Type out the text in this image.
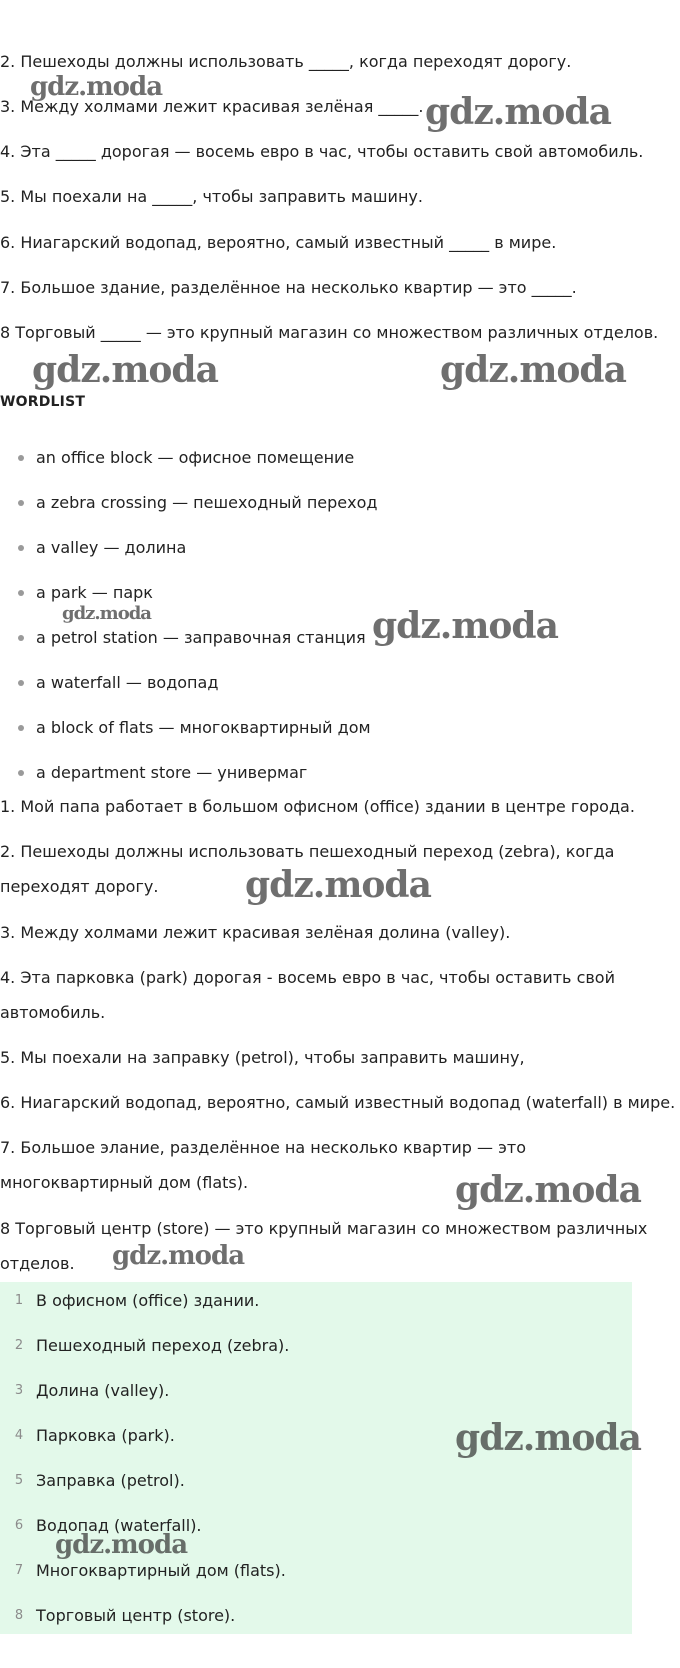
2. Пешеходы должны использовать _____, когда переходят дорогу.
3. Между холмами лежит красивая зелёная _____.
4. Эта _____ дорогая — восемь евро в час, чтобы оставить свой автомобиль.
5. Мы поехали на _____, чтобы заправить машину.
6. Ниагарский водопад, вероятно, самый известный _____ в мире.
7. Большое здание, разделённое на несколько квартир — это _____.
8 Торговый _____ — это крупный магазин со множеством различных отделов.
WORDLIST
an office block — офисное помещение
a zebra crossing — пешеходный переход
a valley — долина
a park — парк
a petrol station — заправочная станция
a waterfall — водопад
a block of flats — многоквартирный дом
a department store — универмаг
1. Мой папа работает в большом офисном (office) здании в центре города.
2. Пешеходы должны использовать пешеходный переход (zebra), когда
переходят дорогу.
3. Между холмами лежит красивая зелёная долина (valley).
4. Эта парковка (park) дорогая - восемь евро в час, чтобы оставить свой
автомобиль.
5. Мы поехали на заправку (petrol), чтобы заправить машину,
6. Ниагарский водопад, вероятно, самый известный водопад (waterfall) в мире.
7. Большое элание, разделённое на несколько квартир — это
многоквартирный дом (flats).
8 Торговый центр (store) — это крупный магазин со множеством различных
отделов.
1 В офисном (office) здании.
2 Пешеходный переход (zebra).
3 Долина (valley).
4 Парковка (park).
5 Заправка (petrol).
6 Водопад (waterfall).
7 Многоквартирный дом (flats).
8 Торговый центр (store).
gdz.moda
gdz.moda
gdz.moda	gdz.moda
gdz.moda	gdz.moda
gdz.moda
gdz.moda
gdz.moda
gdz.moda
gdz.moda
